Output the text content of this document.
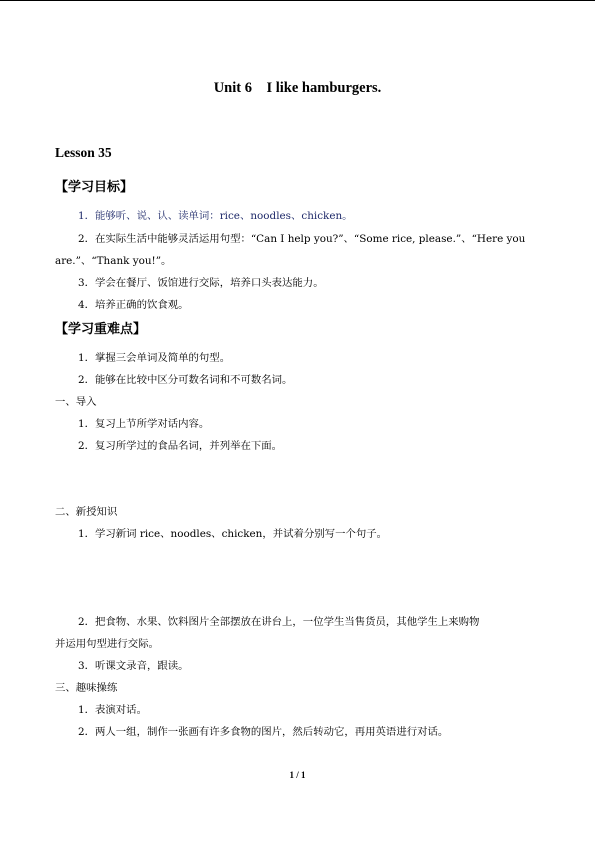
Unit 6    I like hamburgers.
Lesson 35
【学习目标】
1．能够听、说、认、读单词：rice、noodles、chicken。
2．在实际生活中能够灵活运用句型：“Can I help you?”、“Some rice, please.”、“Here you
are.”、“Thank you!”。
3．学会在餐厅、饭馆进行交际，培养口头表达能力。
4．培养正确的饮食观。
【学习重难点】
1．掌握三会单词及简单的句型。
2．能够在比较中区分可数名词和不可数名词。
一、导入
1．复习上节所学对话内容。
2．复习所学过的食品名词，并列举在下面。
二、新授知识
1．学习新词 rice、noodles、chicken，并试着分别写一个句子。
2．把食物、水果、饮料图片全部摆放在讲台上，一位学生当售货员，其他学生上来购物
并运用句型进行交际。
3．听课文录音，跟读。
三、趣味操练
1．表演对话。
2．两人一组，制作一张画有许多食物的图片，然后转动它，再用英语进行对话。
1 / 1
